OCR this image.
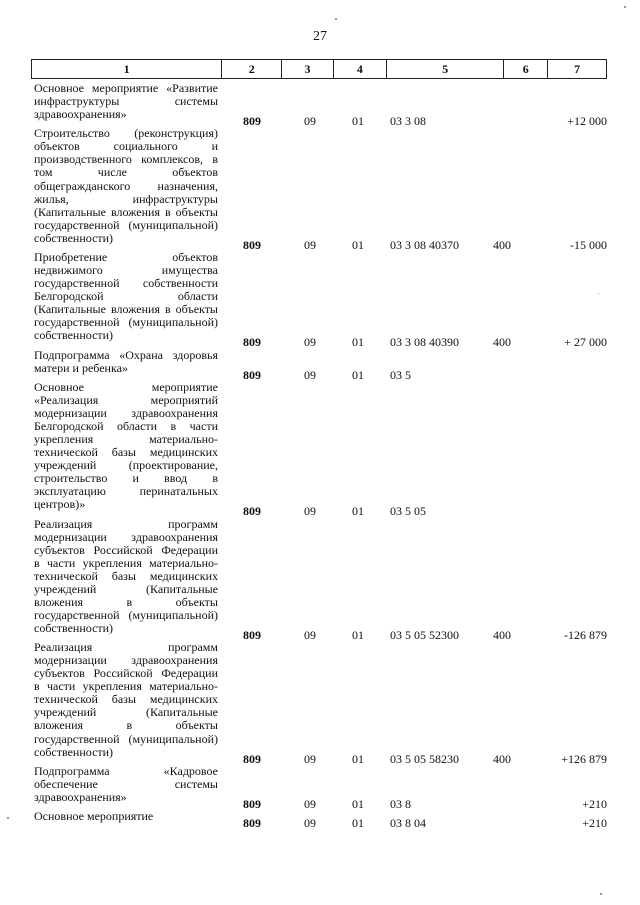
27
1	2	3	4	5	6	7
Основное мероприятие «Развитие
инфраструктуры системы
здравоохранения»	809	09	01 03 3 08	+12 000
Строительство (реконструкция)
объектов социального и
производственного комплексов, в
том числе объектов
общегражданского назначения,
жилья, инфраструктуры
(Капитальные вложения в объекты
государственной (муниципальной)
собственности)
809	09	01 03 3 08 40370	400	-15 000
Приобретение объектов
недвижимого имущества
государственной собственности
Белгородской области
(Капитальные вложения в объекты
государственной (муниципальной)
собственности)
809	09	01 03 3 08 40390	400	+ 27 000
Подпрограмма «Охрана здоровья
матери и ребенка»	809	09	01 03 5
Основное мероприятие
«Реализация мероприятий
модернизации здравоохранения
Белгородской области в части
укрепления материально-
технической базы медицинских
учреждений (проектирование,
строительство и ввод в
эксплуатацию перинатальных
центров)»
809	09	01 03 5 05
Реализация программ
модернизации здравоохранения
субъектов Российской Федерации
в части укрепления материально-
технической базы медицинских
учреждений (Капитальные
вложения в объекты
государственной (муниципальной)
собственности)
809	09	01 03 5 05 52300	400	-126 879
Реализация программ
модернизации здравоохранения
субъектов Российской Федерации
в части укрепления материально-
технической базы медицинских
учреждений (Капитальные
вложения в объекты
государственной (муниципальной)
собственности)
809	09	01 03 5 05 58230	400	+126 879
Подпрограмма «Кадровое
обеспечение системы
здравоохранения»	809	09	01 03 8	+210
Основное мероприятие	809	09	01 03 8 04	+210
